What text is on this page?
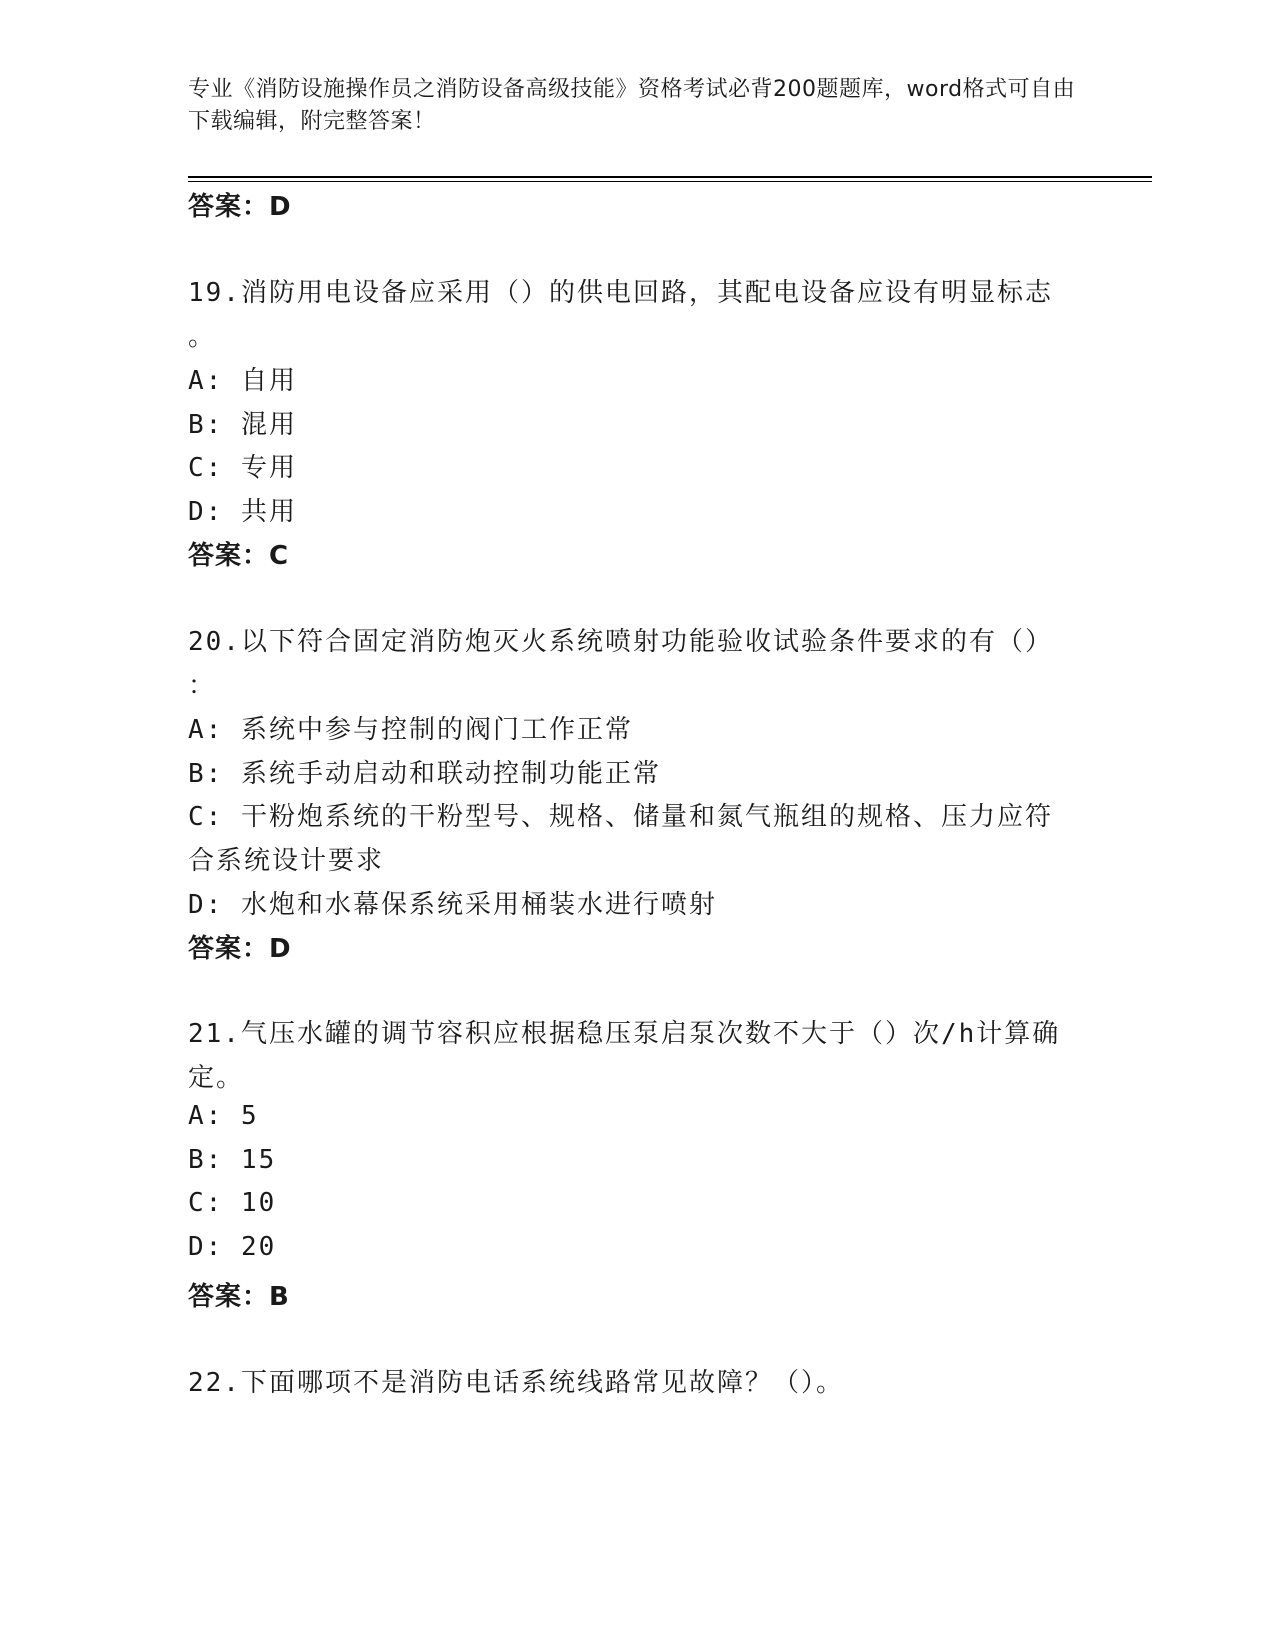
专业《消防设施操作员之消防设备高级技能》资格考试必背200题题库，word格式可自由下载编辑，附完整答案！
答案：D
19.消防用电设备应采用（）的供电回路，其配电设备应设有明显标志
。
A: 自用
B: 混用
C: 专用
D: 共用
答案：C
20.以下符合固定消防炮灭火系统喷射功能验收试验条件要求的有（）
：
A: 系统中参与控制的阀门工作正常
B: 系统手动启动和联动控制功能正常
C: 干粉炮系统的干粉型号、规格、储量和氮气瓶组的规格、压力应符
合系统设计要求
D: 水炮和水幕保系统采用桶装水进行喷射
答案：D
21.气压水罐的调节容积应根据稳压泵启泵次数不大于（）次/h计算确
定。
A: 5
B: 15
C: 10
D: 20
答案：B
22.下面哪项不是消防电话系统线路常见故障？（）。
